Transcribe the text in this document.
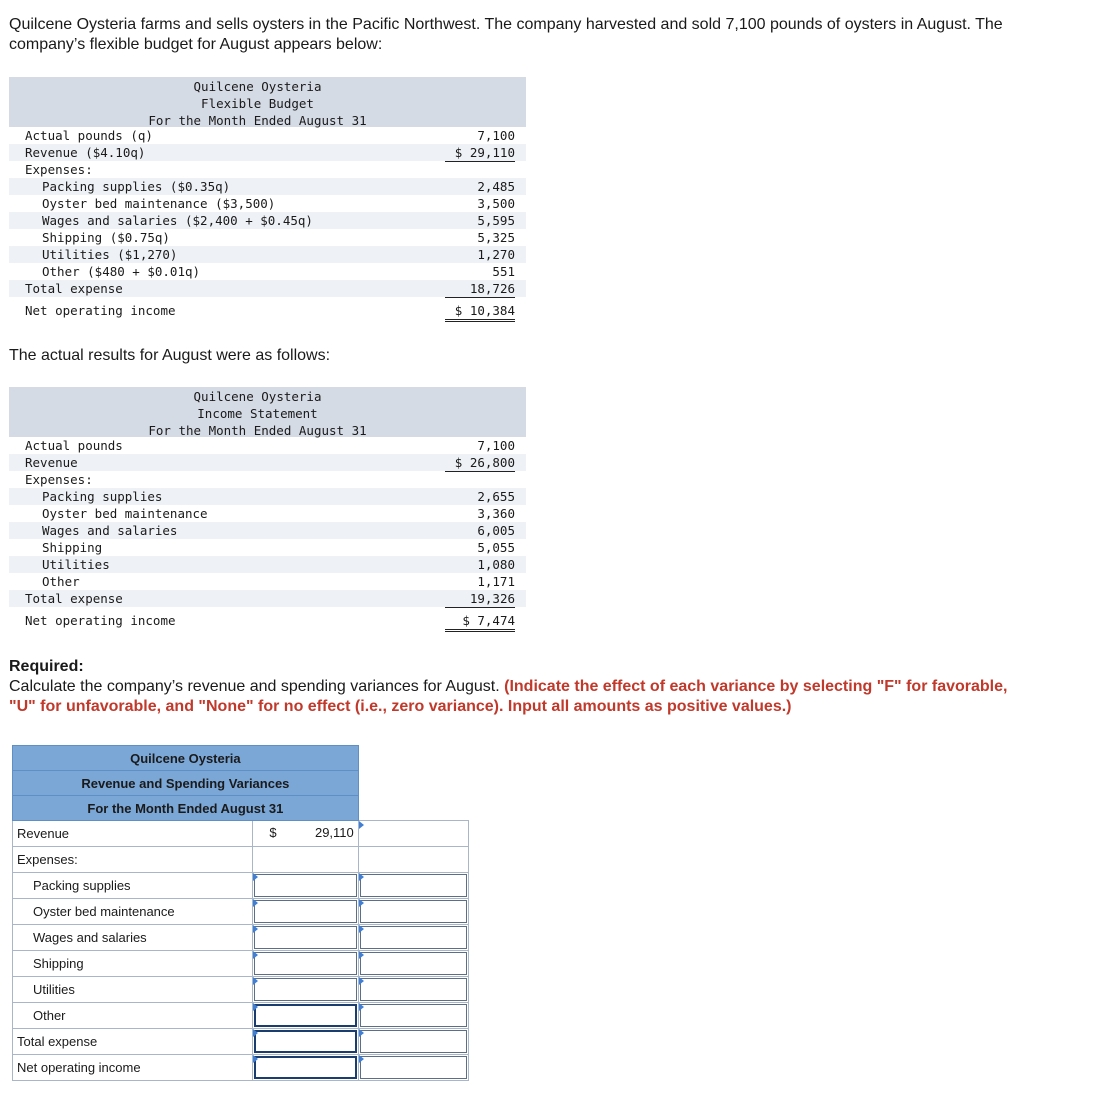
Quilcene Oysteria farms and sells oysters in the Pacific Northwest. The company harvested and sold 7,100 pounds of oysters in August. The company’s flexible budget for August appears below:
Quilcene Oysteria
Flexible Budget
For the Month Ended August 31
Actual pounds (q)	7,100
Revenue ($4.10q)	$ 29,110
Expenses:
Packing supplies ($0.35q)	2,485
Oyster bed maintenance ($3,500)	3,500
Wages and salaries ($2,400 + $0.45q)	5,595
Shipping ($0.75q)	5,325
Utilities ($1,270)	1,270
Other ($480 + $0.01q)	551
Total expense	18,726
Net operating income	$ 10,384
The actual results for August were as follows:
Quilcene Oysteria
Income Statement
For the Month Ended August 31
Actual pounds	7,100
Revenue	$ 26,800
Expenses:
Packing supplies	2,655
Oyster bed maintenance	3,360
Wages and salaries	6,005
Shipping	5,055
Utilities	1,080
Other	1,171
Total expense	19,326
Net operating income	$ 7,474
Required:
Calculate the company’s revenue and spending variances for August. (Indicate the effect of each variance by selecting "F" for favorable, "U" for unfavorable, and "None" for no effect (i.e., zero variance). Input all amounts as positive values.)
Quilcene Oysteria		
Revenue and Spending Variances		
For the Month Ended August 31		
Revenue	$ 29,110	

Expenses:		
Packing supplies	

Oyster bed maintenance	

Wages and salaries	

Shipping	

Utilities	

Other	

Total expense	

Net operating income	
